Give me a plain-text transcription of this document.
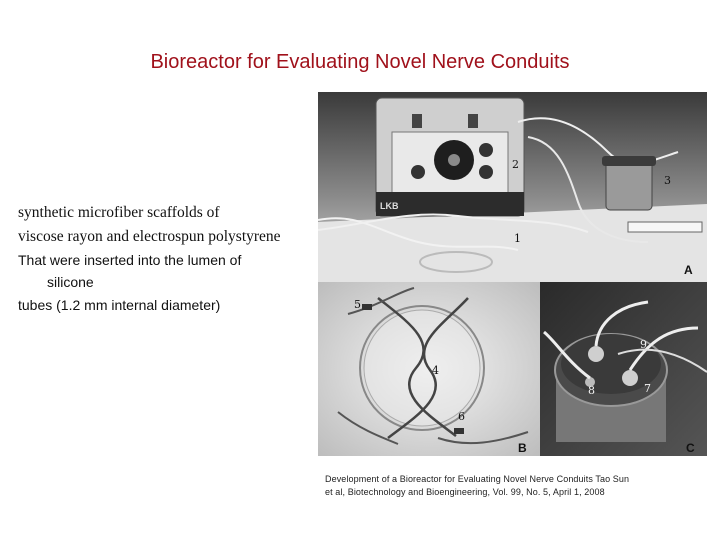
Bioreactor for Evaluating Novel Nerve Conduits
synthetic microfiber scaffolds of
viscose rayon and electrospun polystyrene
That were inserted into the lumen of
silicone
tubes (1.2 mm internal diameter)
LKB
1
2
3
A
5
4
6
B
9
8	7
C
Development of a Bioreactor for Evaluating Novel Nerve Conduits Tao Sun
et al, Biotechnology and Bioengineering, Vol. 99, No. 5, April 1, 2008
